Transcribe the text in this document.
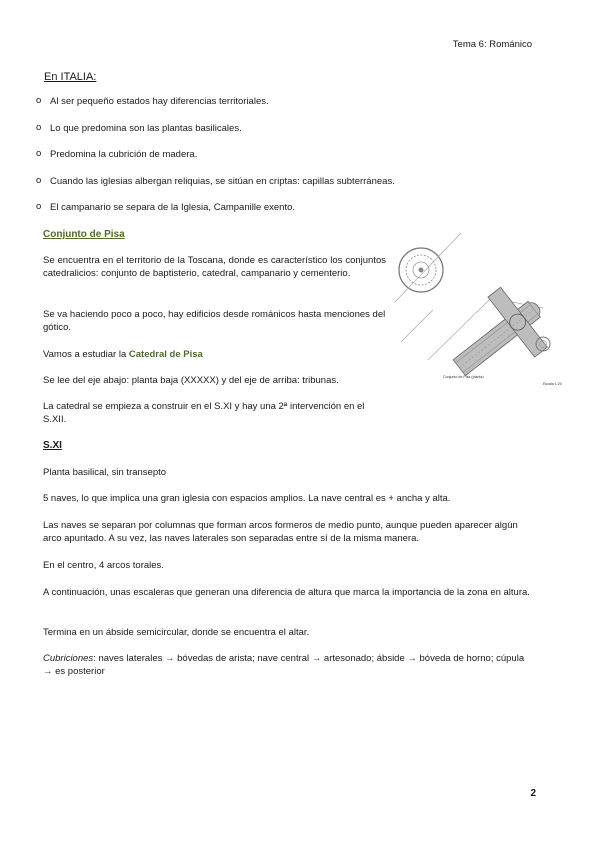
Tema 6: Románico
En ITALIA:
o Al ser pequeño estados hay diferencias territoriales.
o Lo que predomina son las plantas basilicales.
o Predomina la cubrición de madera.
o Cuando las iglesias albergan reliquias, se sitúan en criptas: capillas subterráneas.
o El campanario se separa de la Iglesia, Campanille exento.
Conjunto de Pisa

Se encuentra en el territorio de la Toscana, donde es característico los conjuntos catedralicios: conjunto de baptisterio, catedral, campanario y cementerio.

Se va haciendo poco a poco, hay edificios desde románicos hasta menciones del gótico.

Vamos a estudiar la Catedral de Pisa

Se lee del eje abajo: planta baja (XXXXX) y del eje de arriba: tribunas.

La catedral se empieza a construir en el S.XI y hay una 2ª intervención en el S.XII.

S.XI

Planta basilical, sin transepto

5 naves, lo que implica una gran iglesia con espacios amplios. La nave central es + ancha y alta.

Las naves se separan por columnas que forman arcos formeros de medio punto, aunque pueden aparecer algún arco apuntado. A su vez, las naves laterales son separadas entre sí de la misma manera.

En el centro, 4 arcos torales.

A continuación, unas escaleras que generan una diferencia de altura que marca la importancia de la zona en altura.

Termina en un ábside semicircular, donde se encuentra el altar.

Cubriciones: naves laterales → bóvedas de arista; nave central → artesonado; ábside → bóveda de horno; cúpula → es posterior

Conjunto de Pisa (planta)
Escala 1:20
2
